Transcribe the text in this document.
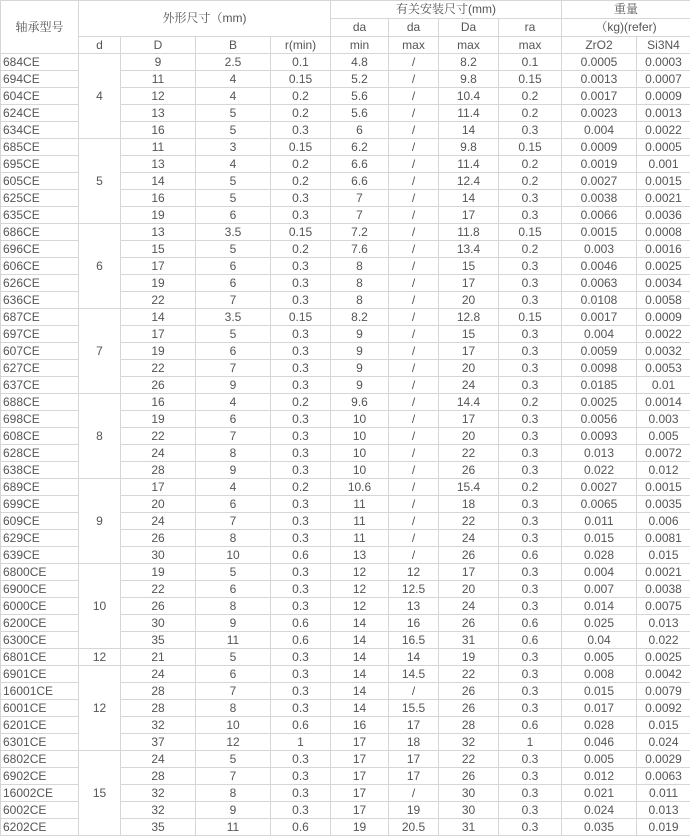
轴承型号	外形尺寸（mm)				有关安装尺寸(mm)				重量	
					da	da	Da	ra	（kg)(refer)	
	d	D	B	r(min)	min	max	max	max	ZrO2	Si3N4
684CE	4	9	2.5	0.1	4.8	/	8.2	0.1	0.0005	0.0003
694CE		11	4	0.15	5.2	/	9.8	0.15	0.0013	0.0007
604CE		12	4	0.2	5.6	/	10.4	0.2	0.0017	0.0009
624CE		13	5	0.2	5.6	/	11.4	0.2	0.0023	0.0013
634CE		16	5	0.3	6	/	14	0.3	0.004	0.0022
685CE	5	11	3	0.15	6.2	/	9.8	0.15	0.0009	0.0005
695CE		13	4	0.2	6.6	/	11.4	0.2	0.0019	0.001
605CE		14	5	0.2	6.6	/	12.4	0.2	0.0027	0.0015
625CE		16	5	0.3	7	/	14	0.3	0.0038	0.0021
635CE		19	6	0.3	7	/	17	0.3	0.0066	0.0036
686CE	6	13	3.5	0.15	7.2	/	11.8	0.15	0.0015	0.0008
696CE		15	5	0.2	7.6	/	13.4	0.2	0.003	0.0016
606CE		17	6	0.3	8	/	15	0.3	0.0046	0.0025
626CE		19	6	0.3	8	/	17	0.3	0.0063	0.0034
636CE		22	7	0.3	8	/	20	0.3	0.0108	0.0058
687CE	7	14	3.5	0.15	8.2	/	12.8	0.15	0.0017	0.0009
697CE		17	5	0.3	9	/	15	0.3	0.004	0.0022
607CE		19	6	0.3	9	/	17	0.3	0.0059	0.0032
627CE		22	7	0.3	9	/	20	0.3	0.0098	0.0053
637CE		26	9	0.3	9	/	24	0.3	0.0185	0.01
688CE	8	16	4	0.2	9.6	/	14.4	0.2	0.0025	0.0014
698CE		19	6	0.3	10	/	17	0.3	0.0056	0.003
608CE		22	7	0.3	10	/	20	0.3	0.0093	0.005
628CE		24	8	0.3	10	/	22	0.3	0.013	0.0072
638CE		28	9	0.3	10	/	26	0.3	0.022	0.012
689CE	9	17	4	0.2	10.6	/	15.4	0.2	0.0027	0.0015
699CE		20	6	0.3	11	/	18	0.3	0.0065	0.0035
609CE		24	7	0.3	11	/	22	0.3	0.011	0.006
629CE		26	8	0.3	11	/	24	0.3	0.015	0.0081
639CE		30	10	0.6	13	/	26	0.6	0.028	0.015
6800CE	10	19	5	0.3	12	12	17	0.3	0.004	0.0021
6900CE		22	6	0.3	12	12.5	20	0.3	0.007	0.0038
6000CE		26	8	0.3	12	13	24	0.3	0.014	0.0075
6200CE		30	9	0.6	14	16	26	0.6	0.025	0.013
6300CE		35	11	0.6	14	16.5	31	0.6	0.04	0.022
6801CE	12	21	5	0.3	14	14	19	0.3	0.005	0.0025
6901CE	12	24	6	0.3	14	14.5	22	0.3	0.008	0.0042
16001CE		28	7	0.3	14	/	26	0.3	0.015	0.0079
6001CE		28	8	0.3	14	15.5	26	0.3	0.017	0.0092
6201CE		32	10	0.6	16	17	28	0.6	0.028	0.015
6301CE		37	12	1	17	18	32	1	0.046	0.024
6802CE	15	24	5	0.3	17	17	22	0.3	0.005	0.0029
6902CE		28	7	0.3	17	17	26	0.3	0.012	0.0063
16002CE		32	8	0.3	17	/	30	0.3	0.021	0.011
6002CE		32	9	0.3	17	19	30	0.3	0.024	0.013
6202CE		35	11	0.6	19	20.5	31	0.3	0.035	0.019
